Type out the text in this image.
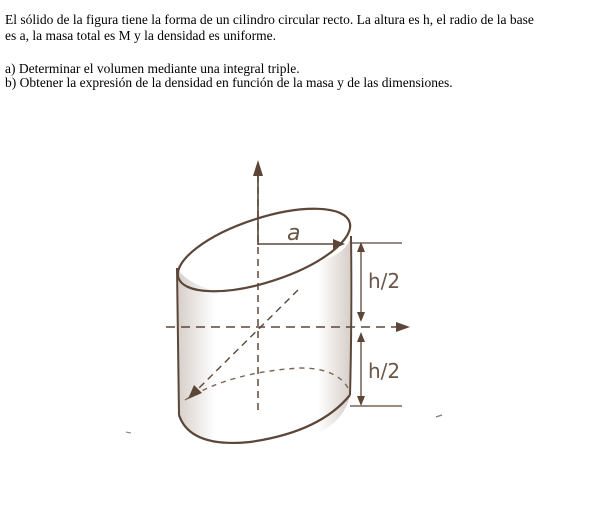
El sólido de la figura tiene la forma de un cilindro circular recto. La altura es h, el radio de la base

es a, la masa total es M y la densidad es uniforme.

a) Determinar el volumen mediante una integral triple.

b) Obtener la expresión de la densidad en función de la masa y de las dimensiones.

a
h/2
h/2
